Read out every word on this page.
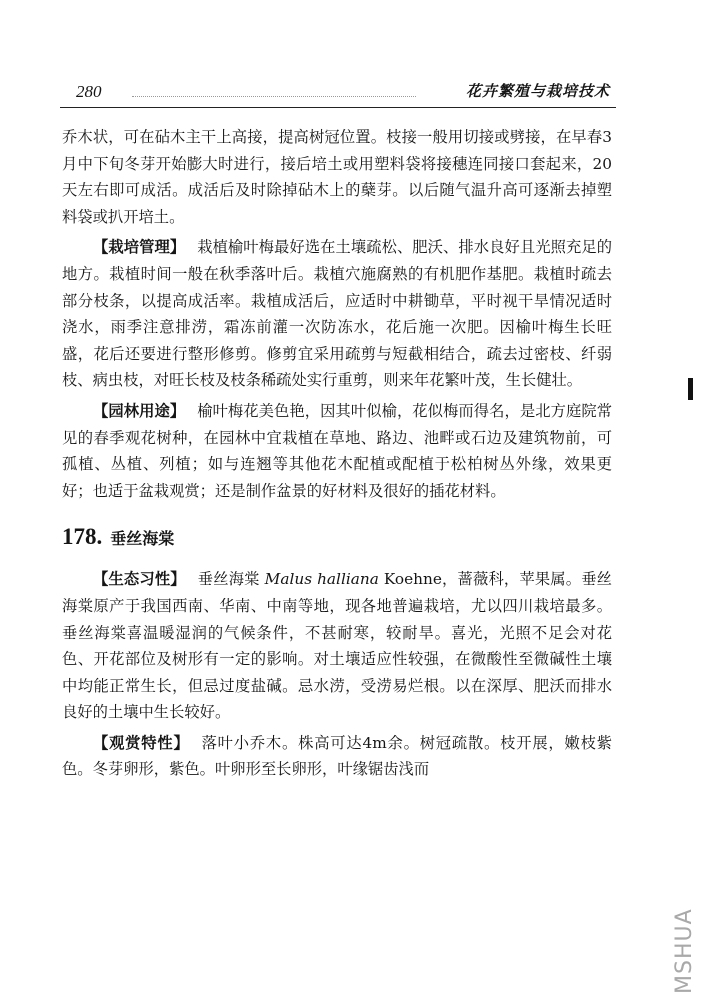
280	花卉繁殖与栽培技术

乔木状，可在砧木主干上高接，提高树冠位置。枝接一般用切接或劈接，在早春3月中下旬冬芽开始膨大时进行，接后培土或用塑料袋将接穗连同接口套起来，20天左右即可成活。成活后及时除掉砧木上的蘖芽。以后随气温升高可逐渐去掉塑料袋或扒开培土。

【栽培管理】 栽植榆叶梅最好选在土壤疏松、肥沃、排水良好且光照充足的地方。栽植时间一般在秋季落叶后。栽植穴施腐熟的有机肥作基肥。栽植时疏去部分枝条，以提高成活率。栽植成活后，应适时中耕锄草，平时视干旱情况适时浇水，雨季注意排涝，霜冻前灌一次防冻水，花后施一次肥。因榆叶梅生长旺盛，花后还要进行整形修剪。修剪宜采用疏剪与短截相结合，疏去过密枝、纤弱枝、病虫枝，对旺长枝及枝条稀疏处实行重剪，则来年花繁叶茂，生长健壮。

【园林用途】 榆叶梅花美色艳，因其叶似榆，花似梅而得名，是北方庭院常见的春季观花树种，在园林中宜栽植在草地、路边、池畔或石边及建筑物前，可孤植、丛植、列植；如与连翘等其他花木配植或配植于松柏树丛外缘，效果更好；也适于盆栽观赏；还是制作盆景的好材料及很好的插花材料。

178. 垂丝海棠

【生态习性】 垂丝海棠 Malus halliana Koehne，蔷薇科，苹果属。垂丝海棠原产于我国西南、华南、中南等地，现各地普遍栽培，尤以四川栽培最多。垂丝海棠喜温暖湿润的气候条件，不甚耐寒，较耐旱。喜光，光照不足会对花色、开花部位及树形有一定的影响。对土壤适应性较强，在微酸性至微碱性土壤中均能正常生长，但忌过度盐碱。忌水涝，受涝易烂根。以在深厚、肥沃而排水良好的土壤中生长较好。

【观赏特性】 落叶小乔木。株高可达4m余。树冠疏散。枝开展，嫩枝紫色。冬芽卵形，紫色。叶卵形至长卵形，叶缘锯齿浅而

MSHUA
